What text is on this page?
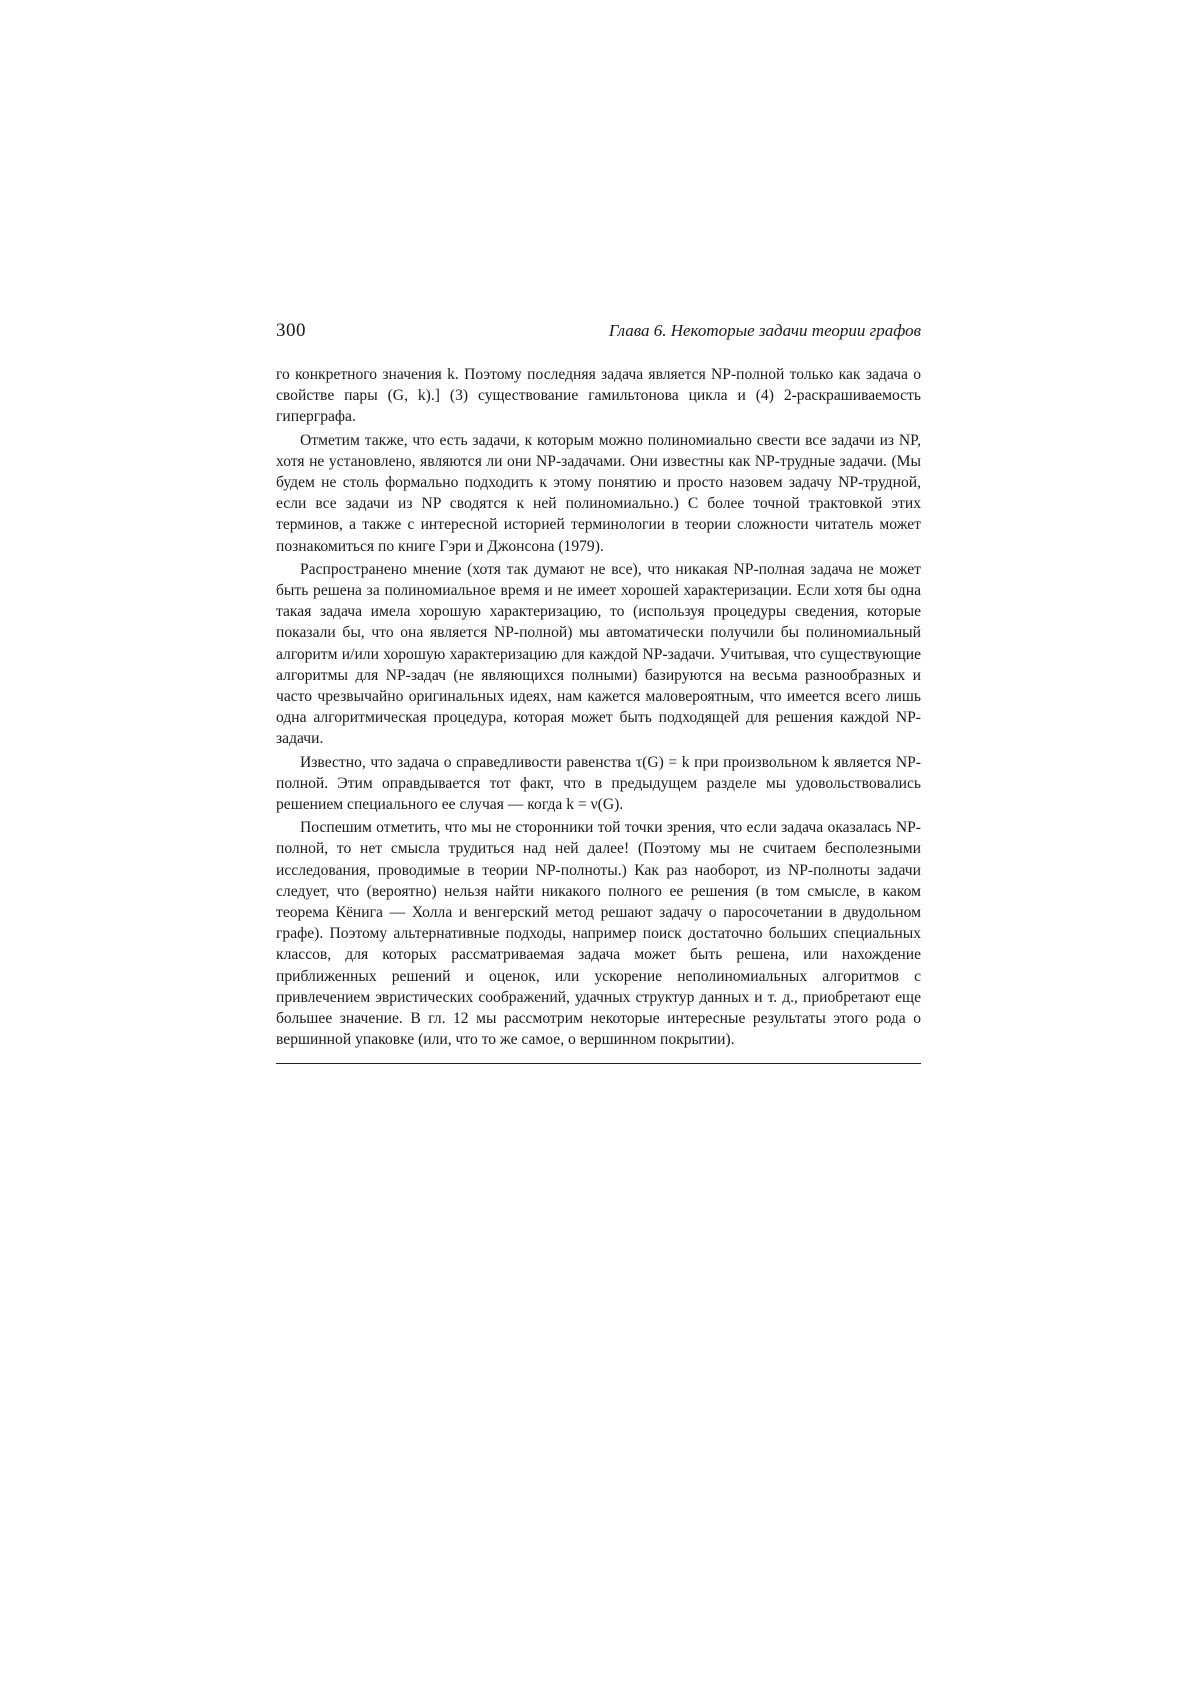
300	Глава 6. Некоторые задачи теории графов

го конкретного значения k. Поэтому последняя задача является NP-полной только как задача о свойстве пары (G, k).] (3) существование гамильтонова цикла и (4) 2-раскрашиваемость гиперграфа.

Отметим также, что есть задачи, к которым можно полиномиально свести все задачи из NP, хотя не установлено, являются ли они NP-задачами. Они известны как NP-трудные задачи. (Мы будем не столь формально подходить к этому понятию и просто назовем задачу NP-трудной, если все задачи из NP сводятся к ней полиномиально.) С более точной трактовкой этих терминов, а также с интересной историей терминологии в теории сложности читатель может познакомиться по книге Гэри и Джонсона (1979).

Распространено мнение (хотя так думают не все), что никакая NP-полная задача не может быть решена за полиномиальное время и не имеет хорошей характеризации. Если хотя бы одна такая задача имела хорошую характеризацию, то (используя процедуры сведения, которые показали бы, что она является NP-полной) мы автоматически получили бы полиномиальный алгоритм и/или хорошую характеризацию для каждой NP-задачи. Учитывая, что существующие алгоритмы для NP-задач (не являющихся полными) базируются на весьма разнообразных и часто чрезвычайно оригинальных идеях, нам кажется маловероятным, что имеется всего лишь одна алгоритмическая процедура, которая может быть подходящей для решения каждой NP-задачи.

Известно, что задача о справедливости равенства τ(G) = k при произвольном k является NP-полной. Этим оправдывается тот факт, что в предыдущем разделе мы удовольствовались решением специального ее случая — когда k = ν(G).

Поспешим отметить, что мы не сторонники той точки зрения, что если задача оказалась NP-полной, то нет смысла трудиться над ней далее! (Поэтому мы не считаем бесполезными исследования, проводимые в теории NP-полноты.) Как раз наоборот, из NP-полноты задачи следует, что (вероятно) нельзя найти никакого полного ее решения (в том смысле, в каком теорема Кёнига — Холла и венгерский метод решают задачу о паросочетании в двудольном графе). Поэтому альтернативные подходы, например поиск достаточно больших специальных классов, для которых рассматриваемая задача может быть решена, или нахождение приближенных решений и оценок, или ускорение неполиномиальных алгоритмов с привлечением эвристических соображений, удачных структур данных и т. д., приобретают еще большее значение. В гл. 12 мы рассмотрим некоторые интересные результаты этого рода о вершинной упаковке (или, что то же самое, о вершинном покрытии).
